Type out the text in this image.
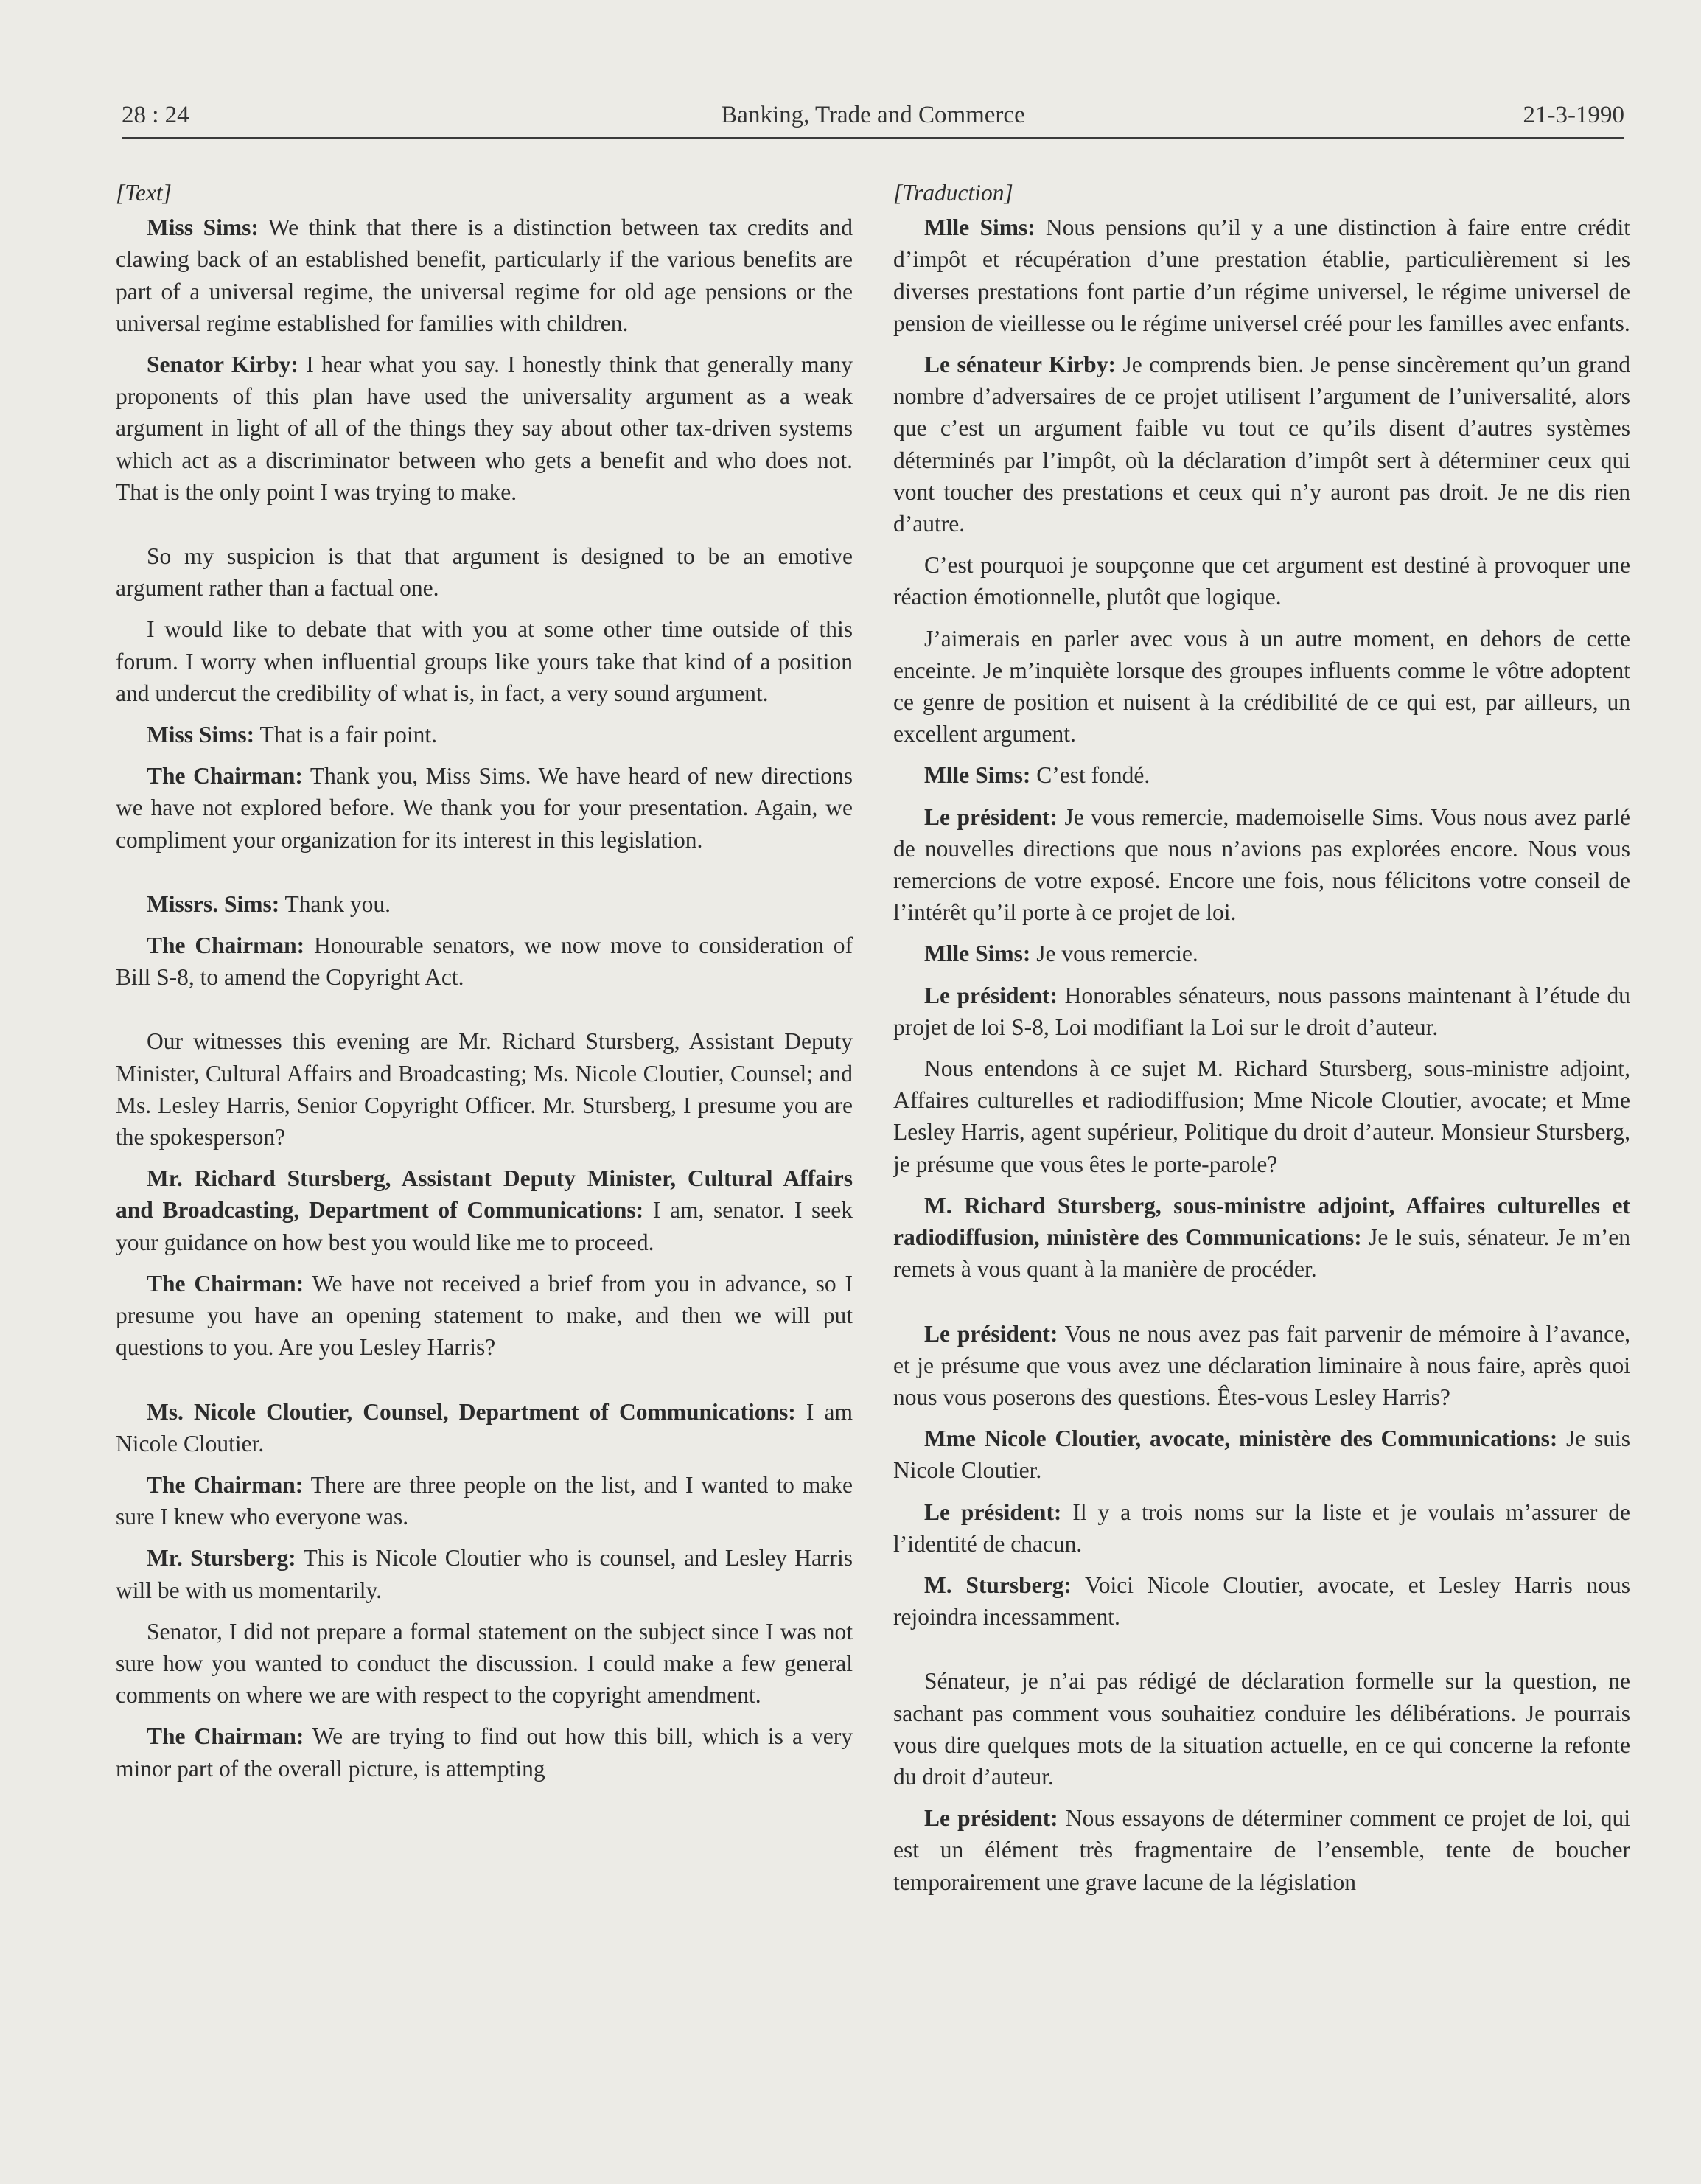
28 : 24	Banking, Trade and Commerce	21-3-1990

[Text]

Miss Sims: We think that there is a distinction between tax credits and clawing back of an established benefit, particularly if the various benefits are part of a universal regime, the universal regime for old age pensions or the universal regime established for families with children.

Senator Kirby: I hear what you say. I honestly think that generally many proponents of this plan have used the universality argument as a weak argument in light of all of the things they say about other tax-driven systems which act as a discriminator between who gets a benefit and who does not. That is the only point I was trying to make.

So my suspicion is that that argument is designed to be an emotive argument rather than a factual one.

I would like to debate that with you at some other time outside of this forum. I worry when influential groups like yours take that kind of a position and undercut the credibility of what is, in fact, a very sound argument.

Miss Sims: That is a fair point.

The Chairman: Thank you, Miss Sims. We have heard of new directions we have not explored before. We thank you for your presentation. Again, we compliment your organization for its interest in this legislation.

Missrs. Sims: Thank you.

The Chairman: Honourable senators, we now move to consideration of Bill S-8, to amend the Copyright Act.

Our witnesses this evening are Mr. Richard Stursberg, Assistant Deputy Minister, Cultural Affairs and Broadcasting; Ms. Nicole Cloutier, Counsel; and Ms. Lesley Harris, Senior Copyright Officer. Mr. Stursberg, I presume you are the spokesperson?

Mr. Richard Stursberg, Assistant Deputy Minister, Cultural Affairs and Broadcasting, Department of Communications: I am, senator. I seek your guidance on how best you would like me to proceed.

The Chairman: We have not received a brief from you in advance, so I presume you have an opening statement to make, and then we will put questions to you. Are you Lesley Harris?

Ms. Nicole Cloutier, Counsel, Department of Communications: I am Nicole Cloutier.

The Chairman: There are three people on the list, and I wanted to make sure I knew who everyone was.

Mr. Stursberg: This is Nicole Cloutier who is counsel, and Lesley Harris will be with us momentarily.

Senator, I did not prepare a formal statement on the subject since I was not sure how you wanted to conduct the discussion. I could make a few general comments on where we are with respect to the copyright amendment.

The Chairman: We are trying to find out how this bill, which is a very minor part of the overall picture, is attempting

[Traduction]

Mlle Sims: Nous pensions qu’il y a une distinction à faire entre crédit d’impôt et récupération d’une prestation établie, particulièrement si les diverses prestations font partie d’un régime universel, le régime universel de pension de vieillesse ou le régime universel créé pour les familles avec enfants.

Le sénateur Kirby: Je comprends bien. Je pense sincèrement qu’un grand nombre d’adversaires de ce projet utilisent l’argument de l’universalité, alors que c’est un argument faible vu tout ce qu’ils disent d’autres systèmes déterminés par l’impôt, où la déclaration d’impôt sert à déterminer ceux qui vont toucher des prestations et ceux qui n’y auront pas droit. Je ne dis rien d’autre.

C’est pourquoi je soupçonne que cet argument est destiné à provoquer une réaction émotionnelle, plutôt que logique.

J’aimerais en parler avec vous à un autre moment, en dehors de cette enceinte. Je m’inquiète lorsque des groupes influents comme le vôtre adoptent ce genre de position et nuisent à la crédibilité de ce qui est, par ailleurs, un excellent argument.

Mlle Sims: C’est fondé.

Le président: Je vous remercie, mademoiselle Sims. Vous nous avez parlé de nouvelles directions que nous n’avions pas explorées encore. Nous vous remercions de votre exposé. Encore une fois, nous félicitons votre conseil de l’intérêt qu’il porte à ce projet de loi.

Mlle Sims: Je vous remercie.

Le président: Honorables sénateurs, nous passons maintenant à l’étude du projet de loi S-8, Loi modifiant la Loi sur le droit d’auteur.

Nous entendons à ce sujet M. Richard Stursberg, sous-ministre adjoint, Affaires culturelles et radiodiffusion; Mme Nicole Cloutier, avocate; et Mme Lesley Harris, agent supérieur, Politique du droit d’auteur. Monsieur Stursberg, je présume que vous êtes le porte-parole?

M. Richard Stursberg, sous-ministre adjoint, Affaires culturelles et radiodiffusion, ministère des Communications: Je le suis, sénateur. Je m’en remets à vous quant à la manière de procéder.

Le président: Vous ne nous avez pas fait parvenir de mémoire à l’avance, et je présume que vous avez une déclaration liminaire à nous faire, après quoi nous vous poserons des questions. Êtes-vous Lesley Harris?

Mme Nicole Cloutier, avocate, ministère des Communications: Je suis Nicole Cloutier.

Le président: Il y a trois noms sur la liste et je voulais m’assurer de l’identité de chacun.

M. Stursberg: Voici Nicole Cloutier, avocate, et Lesley Harris nous rejoindra incessamment.

Sénateur, je n’ai pas rédigé de déclaration formelle sur la question, ne sachant pas comment vous souhaitiez conduire les délibérations. Je pourrais vous dire quelques mots de la situation actuelle, en ce qui concerne la refonte du droit d’auteur.

Le président: Nous essayons de déterminer comment ce projet de loi, qui est un élément très fragmentaire de l’ensemble, tente de boucher temporairement une grave lacune de la législation
